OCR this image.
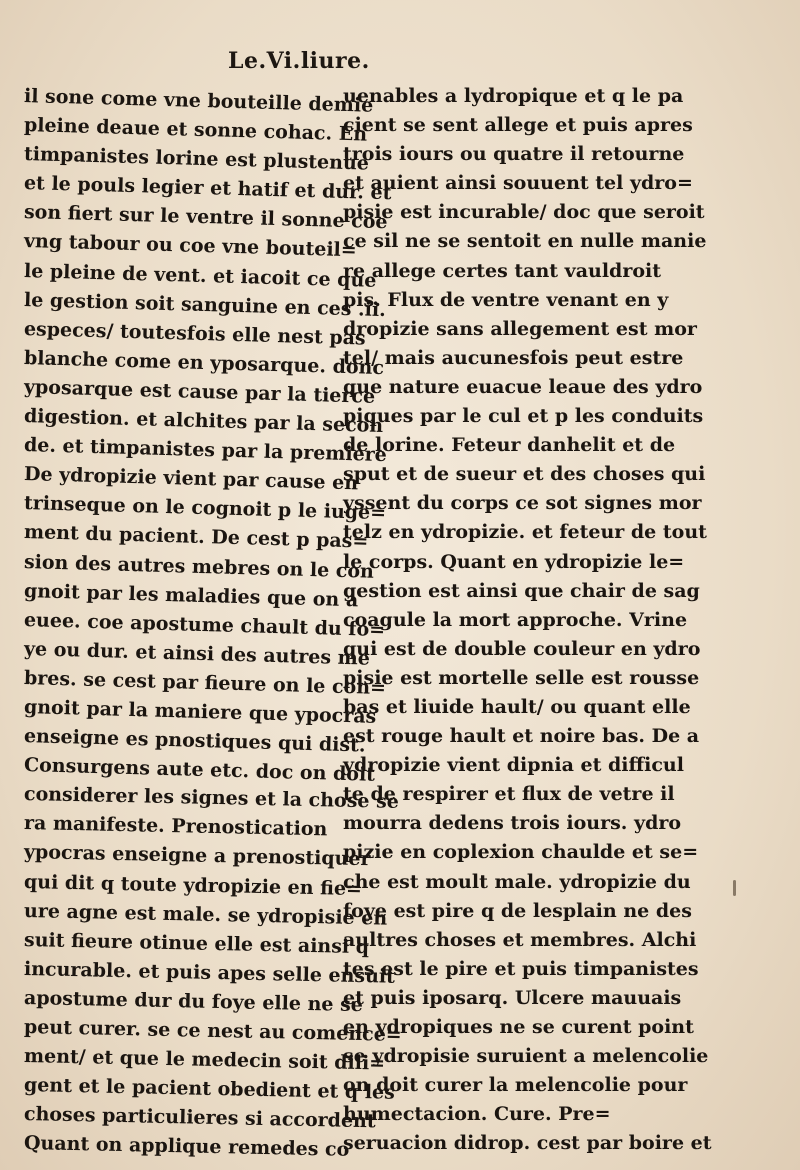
Le.Vi.liure.
il sone come vne bouteille demie
pleine deaue et sonne cohac. En
timpanistes lorine est plustenue
et le pouls legier et hatif et dur. et
son fiert sur le ventre il sonne coe
vng tabour ou coe vne bouteil=
le pleine de vent. et iacoit ce que
le gestion soit sanguine en ces .ii.
especes/ toutesfois elle nest pas
blanche come en yposarque. donc
yposarque est cause par la tierce
digestion. et alchites par la secon
de. et timpanistes par la premiere
De ydropizie vient par cause en
trinseque on le cognoit p le iuge=
ment du pacient. De cest p pas=
sion des autres mebres on le con
gnoit par les maladies que on a
euee. coe apostume chault du fo=
ye ou dur. et ainsi des autres me
bres. se cest par fieure on le con=
gnoit par la maniere que ypocras
enseigne es pnostiques qui dist.
Consurgens aute etc. doc on doit
considerer les signes et la chose se
ra manifeste. Prenostication
ypocras enseigne a prenostiquer
qui dit q toute ydropizie en fie=
ure agne est male. se ydropisie en
suit fieure otinue elle est ainsi q
incurable. et puis apes selle ensuit
apostume dur du foye elle ne se
peut curer. se ce nest au comence=
ment/ et que le medecin soit dili=
gent et le pacient obedient et q les
choses particulieres si accordent
Quant on applique remedes co
uenables a lydropique et q le pa
cient se sent allege et puis apres
trois iours ou quatre il retourne
et auient ainsi souuent tel ydro=
pisie est incurable/ doc que seroit
ce sil ne se sentoit en nulle manie
re allege certes tant vauldroit
pis. Flux de ventre venant en y
dropizie sans allegement est mor
tel/ mais aucunesfois peut estre
que nature euacue leaue des ydro
piques par le cul et p les conduits
de lorine. Feteur danhelit et de
sput et de sueur et des choses qui
yssent du corps ce sot signes mor
telz en ydropizie. et feteur de tout
le corps. Quant en ydropizie le=
gestion est ainsi que chair de sag
coagule la mort approche. Vrine
qui est de double couleur en ydro
pisie est mortelle selle est rousse
bas et liuide hault/ ou quant elle
est rouge hault et noire bas. De a
ydropizie vient dipnia et difficul
te de respirer et flux de vetre il
mourra dedens trois iours. ydro
pizie en coplexion chaulde et se=
che est moult male. ydropizie du
foye est pire q de lesplain ne des
aultres choses et membres. Alchi
tes est le pire et puis timpanistes
et puis iposarq. Ulcere mauuais
en ydropiques ne se curent point
se ydropisie suruient a melencolie
on doit curer la melencolie pour
humectacion. Cure. Pre=
seruacion didrop. cest par boire et
